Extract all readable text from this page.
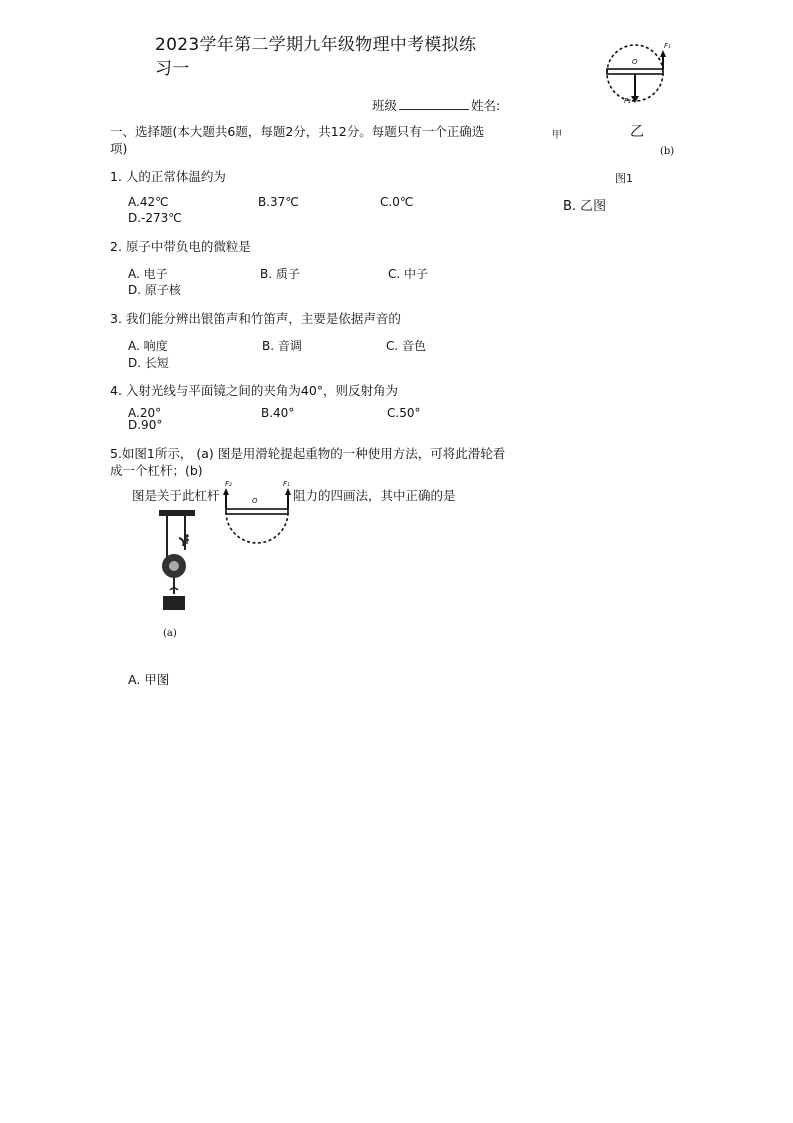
2023学年第二学期九年级物理中考模拟练
习一
班级	姓名:
一、选择题(本大题共6题，每题2分，共12分。每题只有一个正确选
项)
O
F₁
F₂
甲	乙
(b)
图1
1. 人的正常体温约为
A.42℃	B.37℃	C.0℃	B. 乙图
D.-273℃
2. 原子中带负电的微粒是
A. 电子	B. 质子	C. 中子
D. 原子核
3. 我们能分辨出银笛声和竹笛声，主要是依据声音的
A. 响度	B. 音调	C. 音色
D. 长短
4. 入射光线与平面镜之间的夹角为40°，则反射角为
A.20°	B.40°	C.50°
D.90°
5.如图1所示， (a) 图是用滑轮提起重物的一种使用方法，可将此滑轮看
成一个杠杆；(b)
图是关于此杠杆	阻力的四画法，其中正确的是
O
F₂	F₁
(a)
A. 甲图
